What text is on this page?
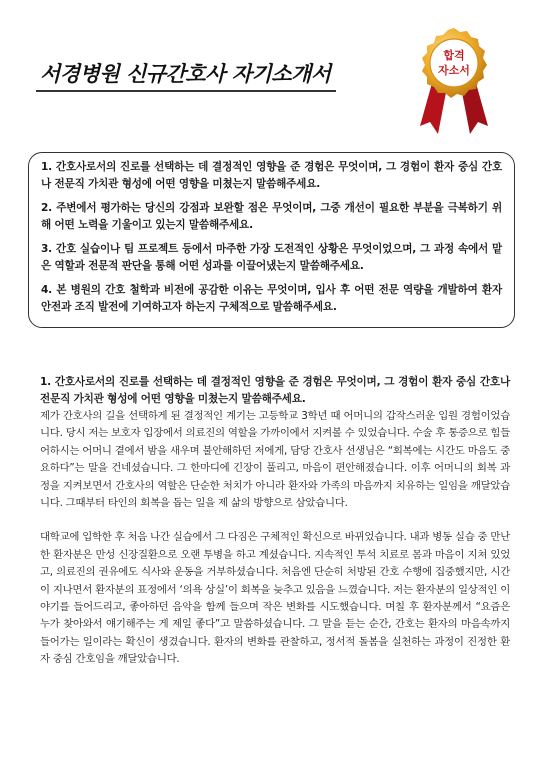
서경병원 신규간호사 자기소개서
합격
자소서

1. 간호사로서의 진로를 선택하는 데 결정적인 영향을 준 경험은 무엇이며, 그 경험이 환자 중심 간호나 전문직 가치관 형성에 어떤 영향을 미쳤는지 말씀해주세요.

2. 주변에서 평가하는 당신의 강점과 보완할 점은 무엇이며, 그중 개선이 필요한 부분을 극복하기 위해 어떤 노력을 기울이고 있는지 말씀해주세요.

3. 간호 실습이나 팀 프로젝트 등에서 마주한 가장 도전적인 상황은 무엇이었으며, 그 과정 속에서 맡은 역할과 전문적 판단을 통해 어떤 성과를 이끌어냈는지 말씀해주세요.

4. 본 병원의 간호 철학과 비전에 공감한 이유는 무엇이며, 입사 후 어떤 전문 역량을 개발하여 환자 안전과 조직 발전에 기여하고자 하는지 구체적으로 말씀해주세요.

1. 간호사로서의 진로를 선택하는 데 결정적인 영향을 준 경험은 무엇이며, 그 경험이 환자 중심 간호나 전문직 가치관 형성에 어떤 영향을 미쳤는지 말씀해주세요.
제가 간호사의 길을 선택하게 된 결정적인 계기는 고등학교 3학년 때 어머니의 갑작스러운 입원 경험이었습니다. 당시 저는 보호자 입장에서 의료진의 역할을 가까이에서 지켜볼 수 있었습니다. 수술 후 통증으로 힘들어하시는 어머니 곁에서 밤을 새우며 불안해하던 저에게, 담당 간호사 선생님은 “회복에는 시간도 마음도 중요하다”는 말을 건네셨습니다. 그 한마디에 긴장이 풀리고, 마음이 편안해졌습니다. 이후 어머니의 회복 과정을 지켜보면서 간호사의 역할은 단순한 처치가 아니라 환자와 가족의 마음까지 치유하는 일임을 깨달았습니다. 그때부터 타인의 회복을 돕는 일을 제 삶의 방향으로 삼았습니다.
대학교에 입학한 후 처음 나간 실습에서 그 다짐은 구체적인 확신으로 바뀌었습니다. 내과 병동 실습 중 만난 한 환자분은 만성 신장질환으로 오랜 투병을 하고 계셨습니다. 지속적인 투석 치료로 몸과 마음이 지쳐 있었고, 의료진의 권유에도 식사와 운동을 거부하셨습니다. 처음엔 단순히 처방된 간호 수행에 집중했지만, 시간이 지나면서 환자분의 표정에서 ‘의욕 상실’이 회복을 늦추고 있음을 느꼈습니다. 저는 환자분의 일상적인 이야기를 들어드리고, 좋아하던 음악을 함께 들으며 작은 변화를 시도했습니다. 며칠 후 환자분께서 “요즘은 누가 찾아와서 얘기해주는 게 제일 좋다”고 말씀하셨습니다. 그 말을 듣는 순간, 간호는 환자의 마음속까지 들어가는 일이라는 확신이 생겼습니다. 환자의 변화를 관찰하고, 정서적 돌봄을 실천하는 과정이 진정한 환자 중심 간호임을 깨달았습니다.
